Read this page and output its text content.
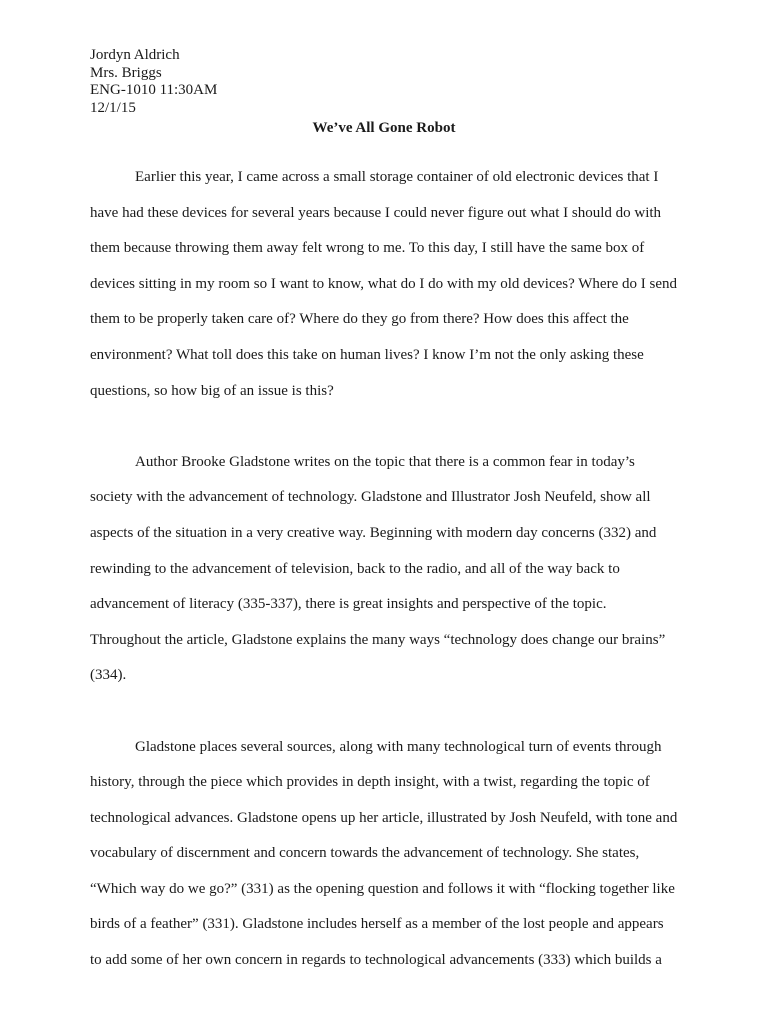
Jordyn Aldrich
Mrs. Briggs
ENG-1010 11:30AM
12/1/15
We’ve All Gone Robot

Earlier this year, I came across a small storage container of old electronic devices that I have had these devices for several years because I could never figure out what I should do with them because throwing them away felt wrong to me. To this day, I still have the same box of devices sitting in my room so I want to know, what do I do with my old devices? Where do I send them to be properly taken care of? Where do they go from there? How does this affect the environment? What toll does this take on human lives? I know I’m not the only asking these questions, so how big of an issue is this?

Author Brooke Gladstone writes on the topic that there is a common fear in today’s society with the advancement of technology. Gladstone and Illustrator Josh Neufeld, show all aspects of the situation in a very creative way. Beginning with modern day concerns (332) and rewinding to the advancement of television, back to the radio, and all of the way back to advancement of literacy (335-337), there is great insights and perspective of the topic. Throughout the article, Gladstone explains the many ways “technology does change our brains” (334).

Gladstone places several sources, along with many technological turn of events through history, through the piece which provides in depth insight, with a twist, regarding the topic of technological advances. Gladstone opens up her article, illustrated by Josh Neufeld, with tone and vocabulary of discernment and concern towards the advancement of technology. She states, “Which way do we go?” (331) as the opening question and follows it with “flocking together like birds of a feather” (331). Gladstone includes herself as a member of the lost people and appears to add some of her own concern in regards to technological advancements (333) which builds a
